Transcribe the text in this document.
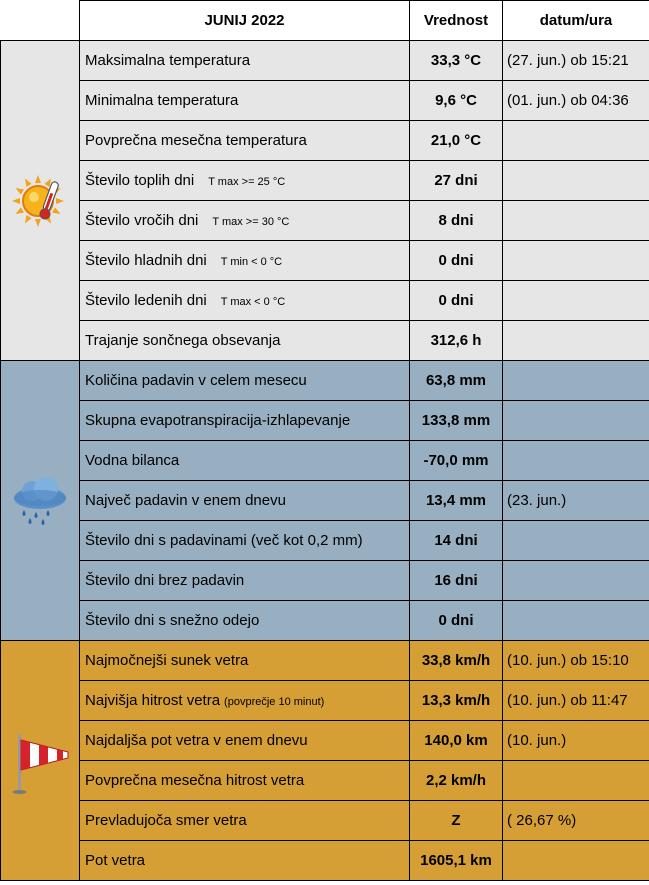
	JUNIJ 2022	Vrednost	datum/ura

	Maksimalna temperatura	33,3 °C	(27. jun.) ob 15:21
	Minimalna temperatura	9,6 °C	(01. jun.) ob 04:36
	Povprečna mesečna temperatura	21,0 °C	
	Število toplih dni T max >= 25 °C	27 dni	
	Število vročih dni T max >= 30 °C	8 dni	
	Število hladnih dni T min < 0 °C	0 dni	
	Število ledenih dni T max < 0 °C	0 dni	
	Trajanje sončnega obsevanja	312,6 h	

	Količina padavin v celem mesecu	63,8 mm	
	Skupna evapotranspiracija-izhlapevanje	133,8 mm	
	Vodna bilanca	-70,0 mm	
	Največ padavin v enem dnevu	13,4 mm	(23. jun.)
	Število dni s padavinami (več kot 0,2 mm)	14 dni	
	Število dni brez padavin	16 dni	
	Število dni s snežno odejo	0 dni	

	Najmočnejši sunek vetra	33,8 km/h	(10. jun.) ob 15:10
	Najvišja hitrost vetra (povprečje 10 minut)	13,3 km/h	(10. jun.) ob 11:47
	Najdaljša pot vetra v enem dnevu	140,0 km	(10. jun.)
	Povprečna mesečna hitrost vetra	2,2 km/h	
	Prevladujoča smer vetra	Z	( 26,67 %)
	Pot vetra	1605,1 km	
